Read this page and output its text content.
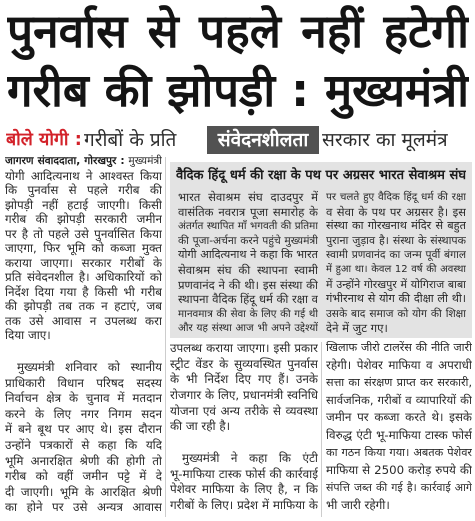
पुनर्वास से पहले नहीं हटेगी
गरीब की झोपड़ी : मुख्यमंत्री
बोले योगी : गरीबों के प्रति	संवेदनशीलता सरकार का मूलमंत्र
जागरण संवाददाता, गोरखपुर : मुख्यमंत्री
योगी आदित्यनाथ ने आश्वस्त किया
कि पुनर्वास से पहले गरीब की
झोपड़ी नहीं हटाई जाएगी। किसी
गरीब की झोपड़ी सरकारी जमीन
पर है तो पहले उसे पुनर्वासित किया
जाएगा, फिर भूमि को कब्जा मुक्त
कराया जाएगा। सरकार गरीबों के
प्रति संवेदनशील है। अधिकारियों को
निर्देश दिया गया है किसी भी गरीब
की झोपड़ी तब तक न हटाएं, जब
तक उसे आवास न उपलब्ध करा
दिया जाए।
मुख्यमंत्री शनिवार को स्थानीय
प्राधिकारी विधान परिषद सदस्य
निर्वाचन क्षेत्र के चुनाव में मतदान
करने के लिए नगर निगम सदन
में बने बूथ पर आए थे। इस दौरान
उन्होंने पत्रकारों से कहा कि यदि
भूमि अनारक्षित श्रेणी की होगी तो
गरीब को वहीं जमीन पट्टे में दे
दी जाएगी। भूमि के आरक्षित श्रेणी
का होने पर उसे अन्यत्र आवास
वैदिक हिंदू धर्म की रक्षा के पथ पर अग्रसर भारत सेवाश्रम संघ
भारत सेवाश्रम संघ दाउदपुर में
वासंतिक नवरात्र पूजा समारोह के
अंतर्गत स्थापित माँ भगवती की प्रतिमा
की पूजा-अर्चना करने पहुंचे मुख्यमंत्री
योगी आदित्यनाथ ने कहा कि भारत
सेवाश्रम संघ की स्थापना स्वामी
प्रणवानंद ने की थी। इस संस्था की
स्थापना वैदिक हिंदू धर्म की रक्षा व
मानवमात्र की सेवा के लिए की गई थी
और यह संस्था आज भी अपने उद्देश्यों
पर चलते हुए वैदिक हिंदू धर्म की रक्षा
व सेवा के पथ पर अग्रसर है। इस
संस्था का गोरखनाथ मंदिर से बहुत
पुराना जुड़ाव है। संस्था के संस्थापक
स्वामी प्रणवानंद का जन्म पूर्वी बंगाल
में हुआ था। केवल 12 वर्ष की अवस्था
में उन्होंने गोरखपुर में योगिराज बाबा
गंभीरनाथ से योग की दीक्षा ली थी।
उसके बाद समाज को योग की शिक्षा
देने में जुट गए।
उपलब्ध कराया जाएगा। इसी प्रकार
स्ट्रीट वेंडर के सुव्यवस्थित पुनर्वास
के भी निर्देश दिए गए हैं। उनके
रोजगार के लिए, प्रधानमंत्री स्वनिधि
योजना एवं अन्य तरीके से व्यवस्था
की जा रही है।
मुख्यमंत्री ने कहा कि एंटी
भू-माफिया टास्क फोर्स की कार्रवाई
पेशेवर माफिया के लिए है, न कि
गरीबों के लिए। प्रदेश में माफिया के
खिलाफ जीरो टालरेंस की नीति जारी
रहेगी। पेशेवर माफिया व अपराधी
सत्ता का संरक्षण प्राप्त कर सरकारी,
सार्वजनिक, गरीबों व व्यापारियों की
जमीन पर कब्जा करते थे। इसके
विरुद्ध एंटी भू-माफिया टास्क फोर्स
का गठन किया गया। अबतक पेशेवर
माफिया से 2500 करोड़ रुपये की
संपत्ति जब्त की गई है। कार्रवाई आगे
भी जारी रहेगी।
